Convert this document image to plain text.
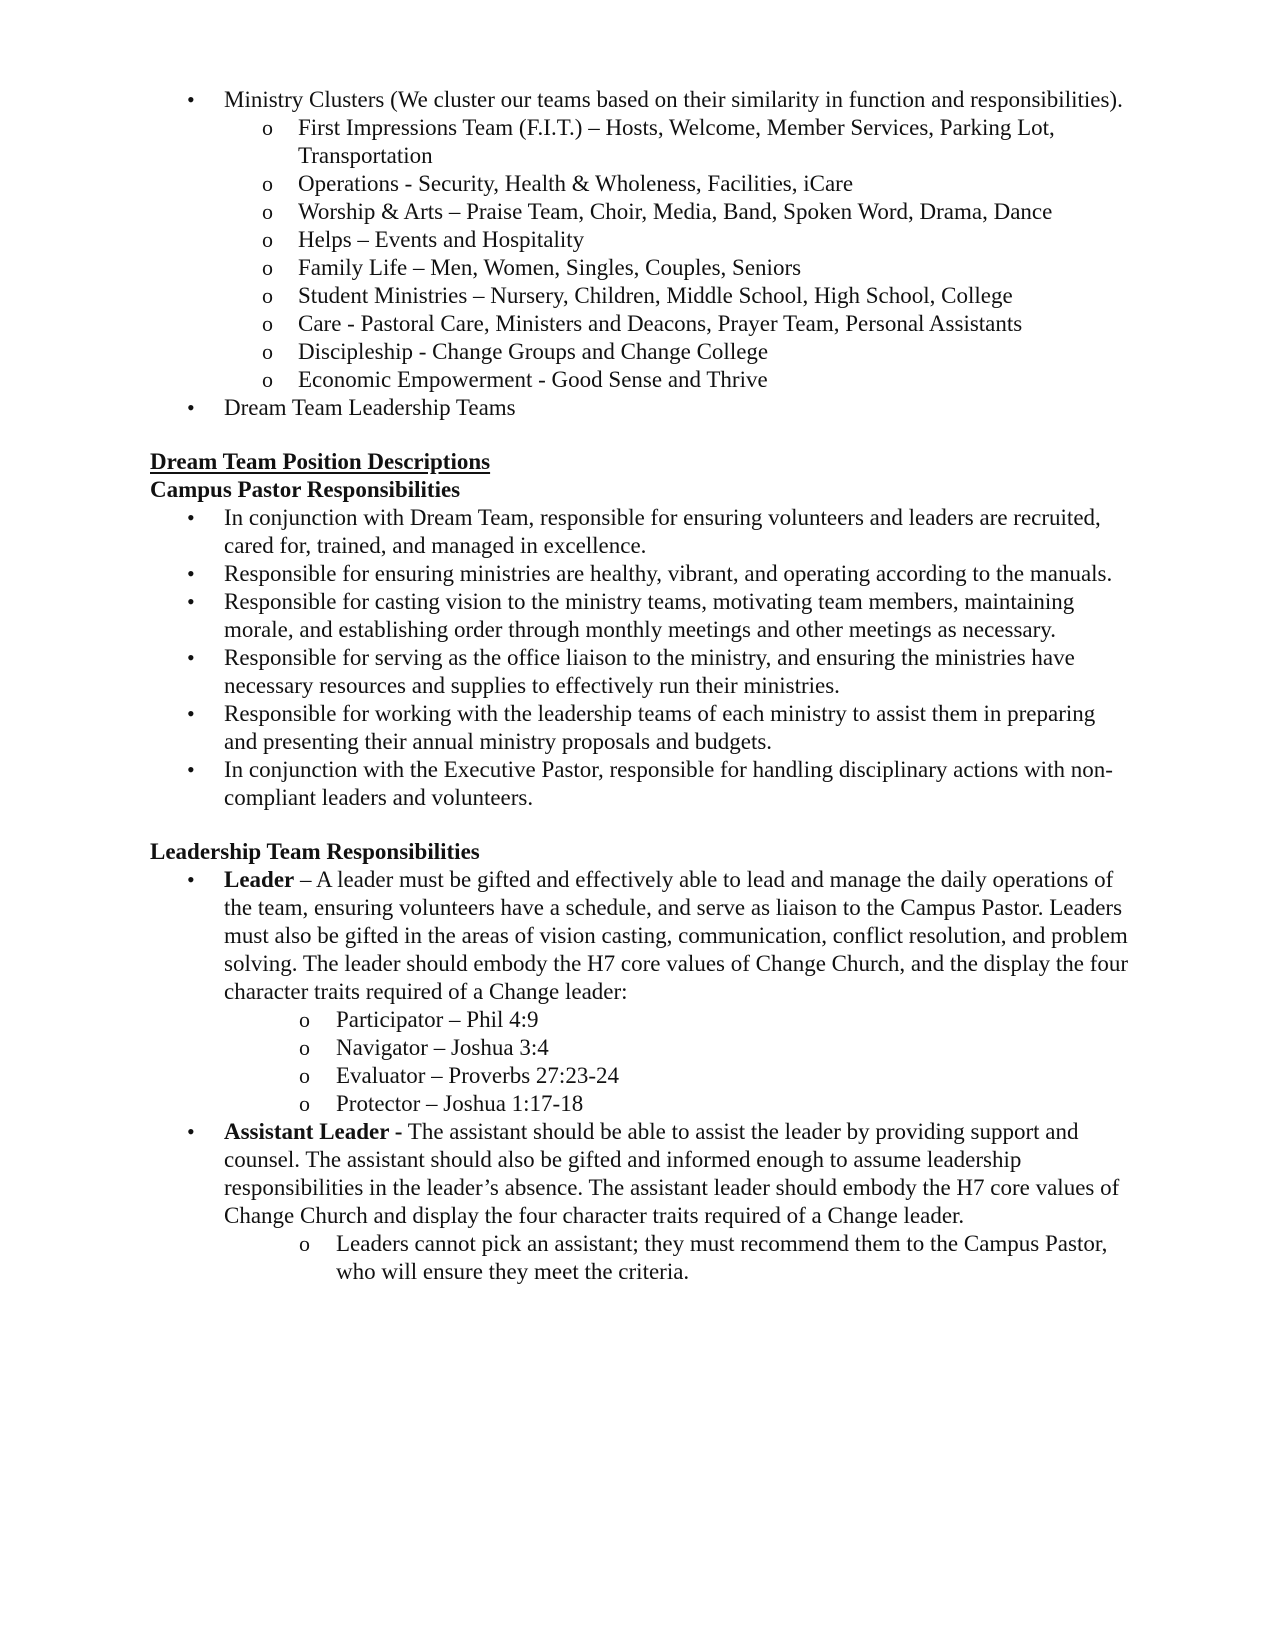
•	Ministry Clusters (We cluster our teams based on their similarity in function and responsibilities).
o First Impressions Team (F.I.T.) – Hosts, Welcome, Member Services, Parking Lot, Transportation
o Operations - Security, Health & Wholeness, Facilities, iCare
o Worship & Arts – Praise Team, Choir, Media, Band, Spoken Word, Drama, Dance
o Helps – Events and Hospitality
o Family Life – Men, Women, Singles, Couples, Seniors
o Student Ministries – Nursery, Children, Middle School, High School, College
o Care - Pastoral Care, Ministers and Deacons, Prayer Team, Personal Assistants
o Discipleship - Change Groups and Change College
o Economic Empowerment - Good Sense and Thrive
•	Dream Team Leadership Teams
Dream Team Position Descriptions
Campus Pastor Responsibilities
•	In conjunction with Dream Team, responsible for ensuring volunteers and leaders are recruited, cared for, trained, and managed in excellence.
•	Responsible for ensuring ministries are healthy, vibrant, and operating according to the manuals.
•	Responsible for casting vision to the ministry teams, motivating team members, maintaining morale, and establishing order through monthly meetings and other meetings as necessary.
•	Responsible for serving as the office liaison to the ministry, and ensuring the ministries have necessary resources and supplies to effectively run their ministries.
•	Responsible for working with the leadership teams of each ministry to assist them in preparing and presenting their annual ministry proposals and budgets.
•	In conjunction with the Executive Pastor, responsible for handling disciplinary actions with non-compliant leaders and volunteers.
Leadership Team Responsibilities
•	Leader – A leader must be gifted and effectively able to lead and manage the daily operations of the team, ensuring volunteers have a schedule, and serve as liaison to the Campus Pastor. Leaders must also be gifted in the areas of vision casting, communication, conflict resolution, and problem solving. The leader should embody the H7 core values of Change Church, and the display the four character traits required of a Change leader:
o Participator – Phil 4:9
o Navigator – Joshua 3:4
o Evaluator – Proverbs 27:23-24
o Protector – Joshua 1:17-18
•	Assistant Leader - The assistant should be able to assist the leader by providing support and counsel. The assistant should also be gifted and informed enough to assume leadership responsibilities in the leader’s absence. The assistant leader should embody the H7 core values of Change Church and display the four character traits required of a Change leader.
o Leaders cannot pick an assistant; they must recommend them to the Campus Pastor, who will ensure they meet the criteria.
